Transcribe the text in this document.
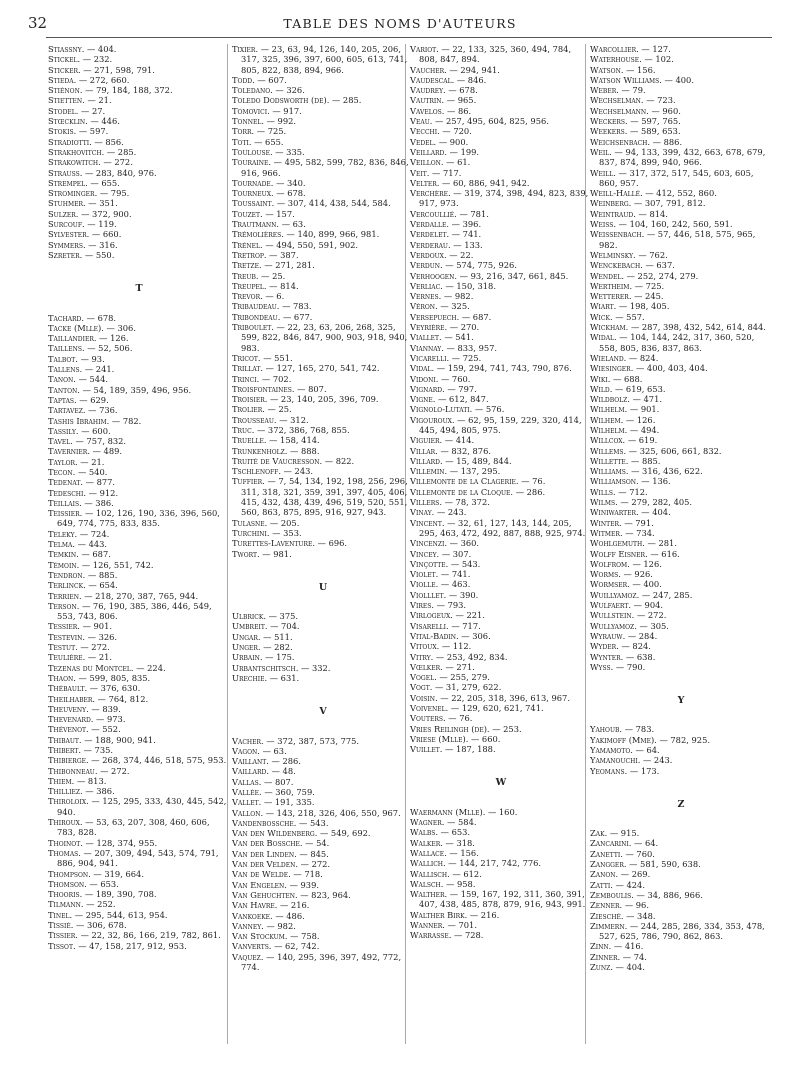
32	TABLE DES NOMS D'AUTEURS
Stiassny. — 404.
Stickel. — 232.
Sticker. — 271, 598, 791.
Stieda. — 272, 660.
Stiénon. — 79, 184, 188, 372.
Stietten. — 21.
Stodel. — 27.
Stœcklin. — 446.
Stokis. — 597.
Stradiotti. — 856.
Strakhovitch. — 285.
Strakowitch. — 272.
Strauss. — 283, 840, 976.
Strempel. — 655.
Strominger. — 795.
Stuhmer. — 351.
Sulzer. — 372, 900.
Surcouf. — 119.
Sylvester. — 660.
Symmers. — 316.
Szreter. — 550.
T
Tachard. — 678.
Tacke (Mlle). — 306.
Taillandier. — 126.
Taillens. — 52, 506.
Talbot. — 93.
Tallens. — 241.
Tanon. — 544.
Tanton. — 54, 189, 359, 496, 956.
Taptas. — 629.
Tartavez. — 736.
Tashis Ibrahim. — 782.
Tassily. — 600.
Tavel. — 757, 832.
Tavernier. — 489.
Taylor. — 21.
Tecon. — 540.
Tedenat. — 877.
Tedeschi. — 912.
Teillais. — 386.
Teissier. — 102, 126, 190, 336, 396, 560, 649, 774, 775, 833, 835.
Teleky. — 724.
Telma. — 443.
Temkin. — 687.
Témoin. — 126, 551, 742.
Tendron. — 885.
Terlinck. — 654.
Terrien. — 218, 270, 387, 765, 944.
Terson. — 76, 190, 385, 386, 446, 549, 553, 743, 806.
Tessier. — 901.
Testevin. — 326.
Testut. — 272.
Teulière. — 21.
Tezenas du Montcel. — 224.
Thaon. — 599, 805, 835.
Thébault. — 376, 630.
Theilhaber. — 764, 812.
Theuveny. — 839.
Thevenard. — 973.
Thévenot. — 552.
Thibaut. — 188, 900, 941.
Thibert. — 735.
Thibierge. — 268, 374, 446, 518, 575, 953.
Thibonneau. — 272.
Thiem. — 813.
Thilliez. — 386.
Thiroloix. — 125, 295, 333, 430, 445, 542, 940.
Thiroux. — 53, 63, 207, 308, 460, 606, 783, 828.
Thoinot. — 128, 374, 955.
Thomas. — 207, 309, 494, 543, 574, 791, 886, 904, 941.
Thompson. — 319, 664.
Thomson. — 653.
Thooris. — 189, 390, 708.
Tilmann. — 252.
Tinel. — 295, 544, 613, 954.
Tissié. — 306, 678.
Tissier. — 22, 32, 86, 166, 219, 782, 861.
Tissot. — 47, 158, 217, 912, 953.
Tixier. — 23, 63, 94, 126, 140, 205, 206, 317, 325, 396, 397, 600, 605, 613, 741, 805, 822, 838, 894, 966.
Todd. — 607.
Toledano. — 326.
Toledo Dodsworth (de). — 285.
Tomovici. — 917.
Tonnel. — 992.
Torr. — 725.
Toti. — 655.
Toulouse. — 335.
Touraine. — 495, 582, 599, 782, 836, 846, 916, 966.
Tournade. — 340.
Tourneux. — 678.
Toussaint. — 307, 414, 438, 544, 584.
Touzet. — 157.
Trautmann. — 63.
Trémolières. — 140, 899, 966, 981.
Trénel. — 494, 550, 591, 902.
Tretrop. — 387.
Tretze. — 271, 281.
Treub. — 25.
Treupel. — 814.
Trevor. — 6.
Tribaudeau. — 783.
Tribondeau. — 677.
Triboulet. — 22, 23, 63, 206, 268, 325, 599, 822, 846, 847, 900, 903, 918, 940, 983.
Tricot. — 551.
Trillat. — 127, 165, 270, 541, 742.
Trinci. — 702.
Troisfontaines. — 807.
Troisier. — 23, 140, 205, 396, 709.
Trolier. — 25.
Trousseau. — 312.
Truc. — 372, 386, 768, 855.
Truelle. — 158, 414.
Trunkenholz. — 888.
Truité de Vaucresson. — 822.
Tschlenoff. — 243.
Tuffier. — 7, 54, 134, 192, 198, 256, 296, 311, 318, 321, 359, 391, 397, 405, 406, 415, 432, 438, 439, 496, 519, 520, 551, 560, 863, 875, 895, 916, 927, 943.
Tulasne. — 205.
Turchini. — 353.
Turettes-Laventure. — 696.
Twort. — 981.
U
Ulbrick. — 375.
Umbreit. — 704.
Ungar. — 511.
Unger. — 282.
Urbain. — 175.
Urbantschitsch. — 332.
Urechie. — 631.
V
Vacher. — 372, 387, 573, 775.
Vagon. — 63.
Vaillant. — 286.
Vaillard. — 48.
Vallas. — 807.
Vallée. — 360, 759.
Vallet. — 191, 335.
Vallon. — 143, 218, 326, 406, 550, 967.
Vandenbossche. — 543.
Van den Wildenberg. — 549, 692.
Van der Bossche. — 54.
Van der Linden. — 845.
Van der Velden. — 272.
Van de Welde. — 718.
Van Engelen. — 939.
Van Gehuchten. — 823, 964.
Van Havre. — 216.
Vankoeke. — 486.
Vanney. — 982.
Van Stockum. — 758.
Vanverts. — 62, 742.
Vaquez. — 140, 295, 396, 397, 492, 772, 774.
Variot. — 22, 133, 325, 360, 494, 784, 808, 847, 894.
Vaucher. — 294, 941.
Vaudescal. — 846.
Vaudrey. — 678.
Vautrin. — 965.
Vavelos. — 86.
Veau. — 257, 495, 604, 825, 956.
Vecchi. — 720.
Vedel. — 900.
Veillard. — 199.
Veillon. — 61.
Veit. — 717.
Velter. — 60, 886, 941, 942.
Verchère. — 319, 374, 398, 494, 823, 839, 917, 973.
Vercoullié. — 781.
Verdalle. — 396.
Verdelet. — 741.
Verderau. — 133.
Verdoux. — 22.
Verdun. — 574, 775, 926.
Verhoogen. — 93, 216, 347, 661, 845.
Verliac. — 150, 318.
Vernes. — 982.
Véron. — 325.
Versepuech. — 687.
Veyrière. — 270.
Viallet. — 541.
Viannay. — 833, 957.
Vicarelli. — 725.
Vidal. — 159, 294, 741, 743, 790, 876.
Vidoni. — 760.
Vignard. — 797.
Vigne. — 612, 847.
Vignolo-Lutati. — 576.
Vigouroux. — 62, 95, 159, 229, 320, 414, 445, 494, 805, 975.
Viguier. — 414.
Villar. — 832, 876.
Villard. — 15, 489, 844.
Villemin. — 137, 295.
Villemonte de la Clagerie. — 76.
Villemonte de la Cloque. — 286.
Villers. — 78, 372.
Vinay. — 243.
Vincent. — 32, 61, 127, 143, 144, 205, 295, 463, 472, 492, 887, 888, 925, 974.
Vincenzi. — 360.
Vincey. — 307.
Vinçotte. — 543.
Violet. — 741.
Violle. — 463.
Violllet. — 390.
Vires. — 793.
Virlogeux. — 221.
Visarelli. — 717.
Vital-Badin. — 306.
Vitoux. — 112.
Vitry. — 253, 492, 834.
Vœlker. — 271.
Vogel. — 255, 279.
Vogt. — 31, 279, 622.
Voisin. — 22, 205, 318, 396, 613, 967.
Voivenel. — 129, 620, 621, 741.
Vouters. — 76.
Vries Reilingh (de). — 253.
Vriese (Mlle). — 660.
Vuillet. — 187, 188.
W
Waermann (Mlle). — 160.
Wagner. — 584.
Walbs. — 653.
Walker. — 318.
Wallace. — 156.
Wallich. — 144, 217, 742, 776.
Wallisch. — 612.
Walsch. — 958.
Walther. — 159, 167, 192, 311, 360, 391, 407, 438, 485, 878, 879, 916, 943, 991.
Walther Birk. — 216.
Wanner. — 701.
Warrasse. — 728.
Warcollier. — 127.
Waterhouse. — 102.
Watson. — 156.
Watson Williams. — 400.
Weber. — 79.
Wechselman. — 723.
Wechselmann. — 960.
Weckers. — 597, 765.
Weekers. — 589, 653.
Weichsenbach. — 886.
Weil. — 94, 133, 399, 432, 663, 678, 679, 837, 874, 899, 940, 966.
Weill. — 317, 372, 517, 545, 603, 605, 860, 957.
Weill-Hallé. — 412, 552, 860.
Weinberg. — 307, 791, 812.
Weintraud. — 814.
Weiss. — 104, 160, 242, 560, 591.
Weissenbach. — 57, 446, 518, 575, 965, 982.
Welminsky. — 762.
Wenckebach. — 637.
Wendel. — 252, 274, 279.
Wertheim. — 725.
Wetterer. — 245.
Wiart. — 198, 405.
Wick. — 557.
Wickham. — 287, 398, 432, 542, 614, 844.
Widal. — 104, 144, 242, 317, 360, 520, 558, 805, 836, 837, 863.
Wieland. — 824.
Wiesinger. — 400, 403, 404.
Wiki. — 688.
Wild. — 619, 653.
Wildbolz. — 471.
Wilhelm. — 901.
Wilhem. — 126.
Wilhelm. — 494.
Willcox. — 619.
Willems. — 325, 606, 661, 832.
Willette. — 885.
Williams. — 316, 436, 622.
Williamson. — 136.
Wills. — 712.
Wilms. — 279, 282, 405.
Winiwarter. — 404.
Winter. — 791.
Witmer. — 734.
Wohlgemuth. — 281.
Wolff Eisner. — 616.
Wolfrom. — 126.
Worms. — 926.
Wormser. — 400.
Wuillyamoz. — 247, 285.
Wulfaert. — 904.
Wullstein. — 272.
Wullyamoz. — 305.
Wyrauw. — 284.
Wyder. — 824.
Wynter. — 638.
Wyss. — 790.
Y
Yahoub. — 783.
Yakimoff (Mme). — 782, 925.
Yamamoto. — 64.
Yamanouchi. — 243.
Yeomans. — 173.
Z
Zak. — 915.
Zancarini. — 64.
Zanetti. — 760.
Zangger. — 581, 590, 638.
Zanon. — 269.
Zatti. — 424.
Zemboulis. — 34, 886, 966.
Zenner. — 96.
Ziesché. — 348.
Zimmern. — 244, 285, 286, 334, 353, 478, 527, 625, 786, 790, 862, 863.
Zinn. — 416.
Zinner. — 74.
Zunz. — 404.
